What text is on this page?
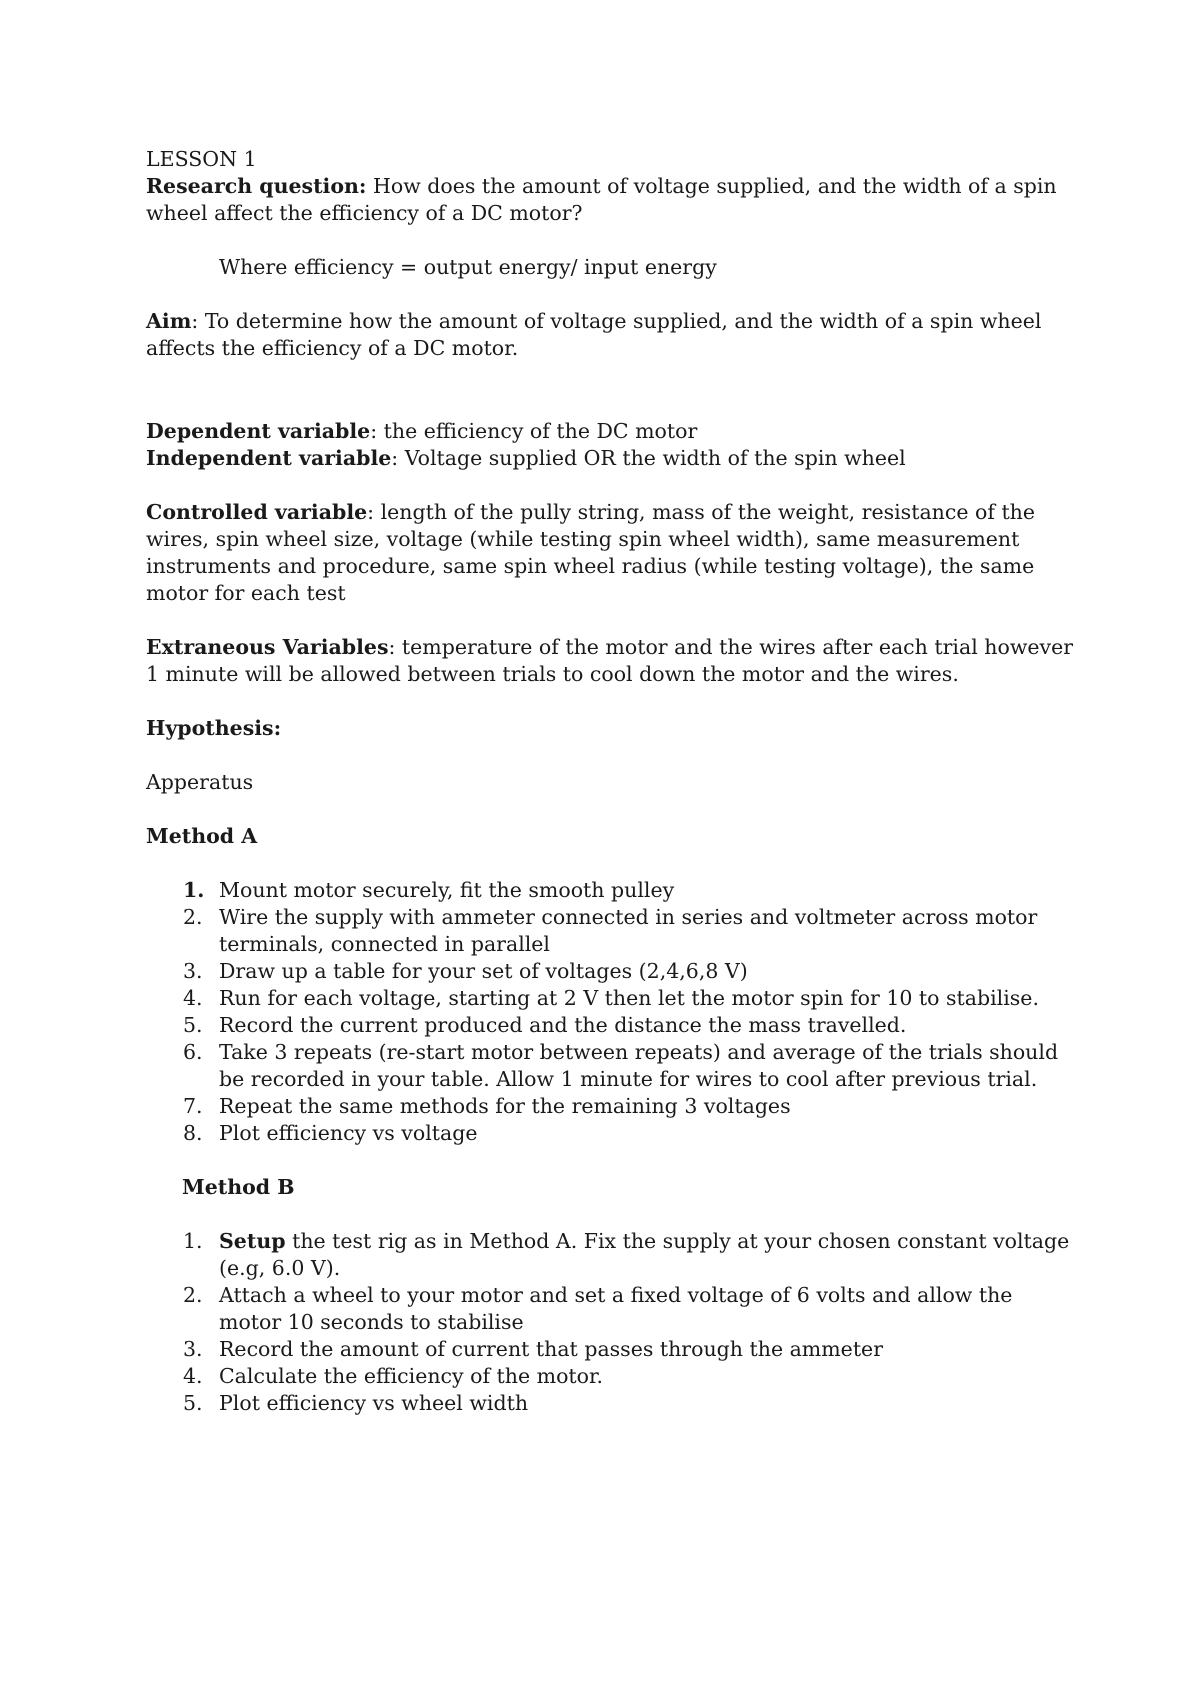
LESSON 1

Research question: How does the amount of voltage supplied, and the width of a spin wheel affect the efficiency of a DC motor?

Where efficiency = output energy/ input energy

Aim: To determine how the amount of voltage supplied, and the width of a spin wheel affects the efficiency of a DC motor.

Dependent variable: the efficiency of the DC motor

Independent variable: Voltage supplied OR the width of the spin wheel

Controlled variable: length of the pully string, mass of the weight, resistance of the wires, spin wheel size, voltage (while testing spin wheel width), same measurement instruments and procedure, same spin wheel radius (while testing voltage), the same motor for each test

Extraneous Variables: temperature of the motor and the wires after each trial however 1 minute will be allowed between trials to cool down the motor and the wires.

Hypothesis:

Apperatus

Method A

1. Mount motor securely, fit the smooth pulley
2. Wire the supply with ammeter connected in series and voltmeter across motor terminals, connected in parallel
3. Draw up a table for your set of voltages (2,4,6,8 V)
4. Run for each voltage, starting at 2 V then let the motor spin for 10 to stabilise.
5. Record the current produced and the distance the mass travelled.
6. Take 3 repeats (re-start motor between repeats) and average of the trials should be recorded in your table. Allow 1 minute for wires to cool after previous trial.
7. Repeat the same methods for the remaining 3 voltages
8. Plot efficiency vs voltage

Method B

1. Setup the test rig as in Method A. Fix the supply at your chosen constant voltage (e.g, 6.0 V).
2. Attach a wheel to your motor and set a fixed voltage of 6 volts and allow the motor 10 seconds to stabilise
3. Record the amount of current that passes through the ammeter
4. Calculate the efficiency of the motor.
5. Plot efficiency vs wheel width
